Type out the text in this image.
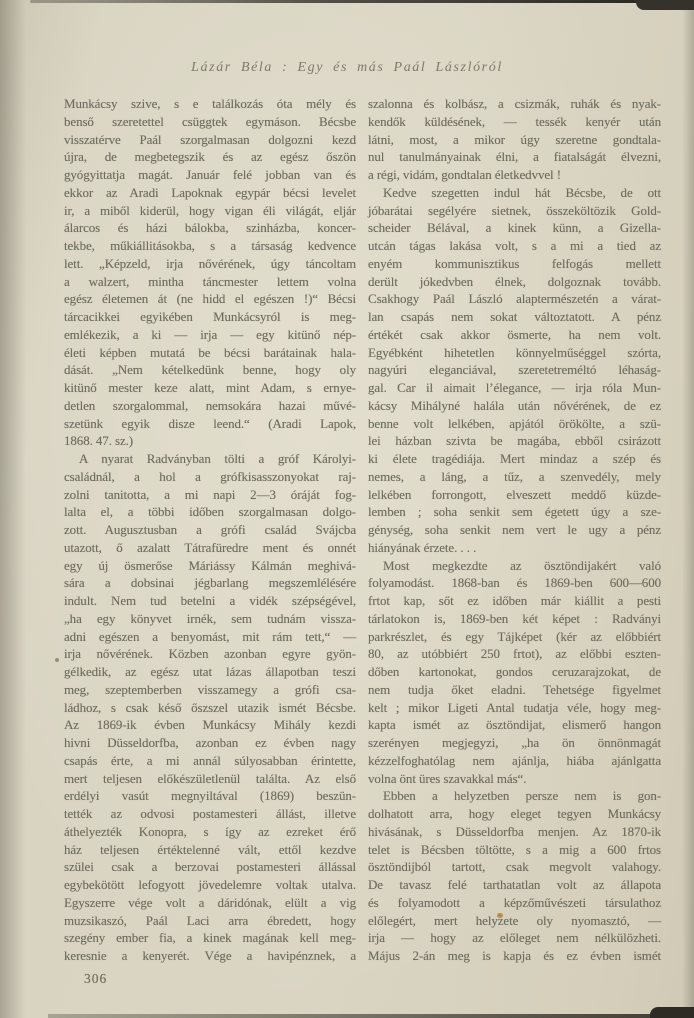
Lázár Béla : Egy és más Paál Lászlóról
Munkácsy szive, s e találkozás óta mély és
benső szeretettel csüggtek egymáson. Bécsbe
visszatérve Paál szorgalmasan dolgozni kezd
újra, de megbetegszik és az egész őszön
gyógyittatja magát. Január felé jobban van és
ekkor az Aradi Lapoknak egypár bécsi levelet
ir, a miből kiderül, hogy vigan éli világát, eljár
álarcos és házi bálokba, szinházba, koncer-
tekbe, műkiállitásokba, s a társaság kedvence
lett. „Képzeld, irja nővérének, úgy táncoltam
a walzert, mintha táncmester lettem volna
egész életemen át (ne hidd el egészen !)“ Bécsi
tárcacikkei egyikében Munkácsyról is meg-
emlékezik, a ki — irja — egy kitünő nép-
életi képben mutatá be bécsi barátainak hala-
dását. „Nem kételkedünk benne, hogy oly
kitünő mester keze alatt, mint Adam, s ernye-
detlen szorgalommal, nemsokára hazai művé-
szetünk egyik disze leend.“ (Aradi Lapok,
1868. 47. sz.)
A nyarat Radványban tölti a gróf Károlyi-
családnál, a hol a grófkisasszonyokat raj-
zolni tanitotta, a mi napi 2—3 óráját fog-
lalta el, a többi időben szorgalmasan dolgo-
zott. Augusztusban a grófi család Svájcba
utazott, ő azalatt Tátrafüredre ment és onnét
egy új ösmerőse Máriássy Kálmán meghivá-
sára a dobsinai jégbarlang megszemlélésére
indult. Nem tud betelni a vidék szépségével,
„ha egy könyvet irnék, sem tudnám vissza-
adni egészen a benyomást, mit rám tett,“ —
irja nővérének. Közben azonban egyre gyön-
gélkedik, az egész utat lázas állapotban teszi
meg, szeptemberben visszamegy a grófi csa-
ládhoz, s csak késő őszszel utazik ismét Bécsbe.
Az 1869-ik évben Munkácsy Mihály kezdi
hivni Düsseldorfba, azonban ez évben nagy
csapás érte, a mi annál súlyosabban érintette,
mert teljesen előkészületlenül találta. Az első
erdélyi vasút megnyiltával (1869) beszün-
tették az odvosi postamesteri állást, illetve
áthelyezték Konopra, s így az ezreket érő
ház teljesen értéktelenné vált, ettől kezdve
szülei csak a berzovai postamesteri állással
egybekötött lefogyott jövedelemre voltak utalva.
Egyszerre vége volt a dáridónak, elült a vig
muzsikaszó, Paál Laci arra ébredett, hogy
szegény ember fia, a kinek magának kell meg-
keresnie a kenyerét. Vége a havipénznek, a
szalonna és kolbász, a csizmák, ruhák és nyak-
kendők küldésének, — tessék kenyér után
látni, most, a mikor úgy szeretne gondtala-
nul tanulmányainak élni, a fiatalságát élvezni,
a régi, vidám, gondtalan életkedvvel !
Kedve szegetten indul hát Bécsbe, de ott
jóbarátai segélyére sietnek, összeköltözik Gold-
scheider Bélával, a kinek künn, a Gizella-
utcán tágas lakása volt, s a mi a tied az
enyém kommunisztikus felfogás mellett
derült jókedvben élnek, dolgoznak tovább.
Csakhogy Paál László alaptermészetén a várat-
lan csapás nem sokat változtatott. A pénz
értékét csak akkor ösmerte, ha nem volt.
Egyébként hihetetlen könnyelműséggel szórta,
nagyúri eleganciával, szeretetreméltó léhaság-
gal. Car il aimait l’élegance, — irja róla Mun-
kácsy Mihályné halála után nővérének, de ez
benne volt lelkében, apjától örökölte, a szü-
lei házban szivta be magába, ebből csirázott
ki élete tragédiája. Mert mindaz a szép és
nemes, a láng, a tűz, a szenvedély, mely
lelkében forrongott, elveszett meddő küzde-
lemben ; soha senkit sem égetett úgy a sze-
génység, soha senkit nem vert le ugy a pénz
hiányának érzete. . . .
Most megkezdte az ösztöndijakért való
folyamodást. 1868-ban és 1869-ben 600—600
frtot kap, sőt ez időben már kiállit a pesti
tárlatokon is, 1869-ben két képet : Radványi
parkrészlet, és egy Tájképet (kér az előbbiért
80, az utóbbiért 250 frtot), az előbbi eszten-
dőben kartonokat, gondos ceruzarajzokat, de
nem tudja őket eladni. Tehetsége figyelmet
kelt ; mikor Ligeti Antal tudatja véle, hogy meg-
kapta ismét az ösztöndijat, elismerő hangon
szerényen megjegyzi, „ha ön önnönmagát
kézzelfoghatólag nem ajánlja, hiába ajánlgatta
volna önt üres szavakkal más“.
Ebben a helyzetben persze nem is gon-
dolhatott arra, hogy eleget tegyen Munkácsy
hivásának, s Düsseldorfba menjen. Az 1870-ik
telet is Bécsben töltötte, s a mig a 600 frtos
ösztöndijból tartott, csak megvolt valahogy.
De tavasz felé tarthatatlan volt az állapota
és folyamodott a képzőművészeti társulathoz
előlegért, mert helyzete oly nyomasztó, —
irja — hogy az előleget nem nélkülözheti.
Május 2-án meg is kapja és ez évben ismét
306
